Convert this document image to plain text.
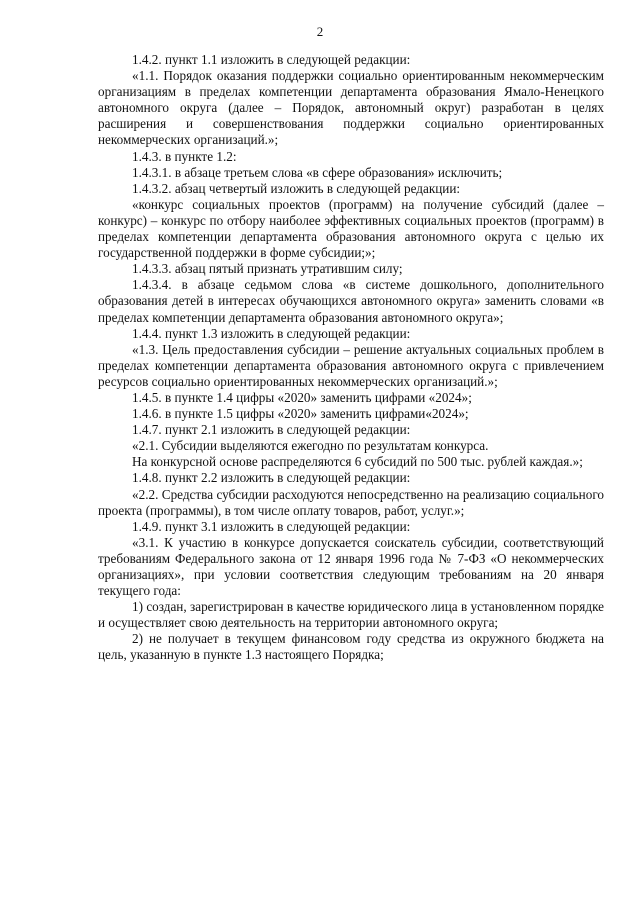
2

1.4.2. пункт 1.1 изложить в следующей редакции:

«1.1. Порядок оказания поддержки социально ориентированным некоммерческим организациям в пределах компетенции департамента образования Ямало-Ненецкого автономного округа (далее – Порядок, автономный округ) разработан в целях расширения и совершенствования поддержки социально ориентированных некоммерческих организаций.»;

1.4.3. в пункте 1.2:

1.4.3.1. в абзаце третьем слова «в сфере образования» исключить;

1.4.3.2. абзац четвертый изложить в следующей редакции:

«конкурс социальных проектов (программ) на получение субсидий (далее – конкурс) – конкурс по отбору наиболее эффективных социальных проектов (программ) в пределах компетенции департамента образования автономного округа с целью их государственной поддержки в форме субсидии;»;

1.4.3.3. абзац пятый признать утратившим силу;

1.4.3.4. в абзаце седьмом слова «в системе дошкольного, дополнительного образования детей в интересах обучающихся автономного округа» заменить словами «в пределах компетенции департамента образования автономного округа»;

1.4.4. пункт 1.3 изложить в следующей редакции:

«1.3. Цель предоставления субсидии – решение актуальных социальных проблем в пределах компетенции департамента образования автономного округа с привлечением ресурсов социально ориентированных некоммерческих организаций.»;

1.4.5. в пункте 1.4 цифры «2020» заменить цифрами «2024»;

1.4.6. в пункте 1.5 цифры «2020» заменить цифрами«2024»;

1.4.7. пункт 2.1 изложить в следующей редакции:

«2.1. Субсидии выделяются ежегодно по результатам конкурса.

На конкурсной основе распределяются 6 субсидий по 500 тыс. рублей каждая.»;

1.4.8. пункт 2.2 изложить в следующей редакции:

«2.2. Средства субсидии расходуются непосредственно на реализацию социального проекта (программы), в том числе оплату товаров, работ, услуг.»;

1.4.9. пункт 3.1 изложить в следующей редакции:

«3.1. К участию в конкурсе допускается соискатель субсидии, соответствующий требованиям Федерального закона от 12 января 1996 года № 7-ФЗ «О некоммерческих организациях», при условии соответствия следующим требованиям на 20 января текущего года:

1) создан, зарегистрирован в качестве юридического лица в установленном порядке и осуществляет свою деятельность на территории автономного округа;

2) не получает в текущем финансовом году средства из окружного бюджета на цель, указанную в пункте 1.3 настоящего Порядка;
